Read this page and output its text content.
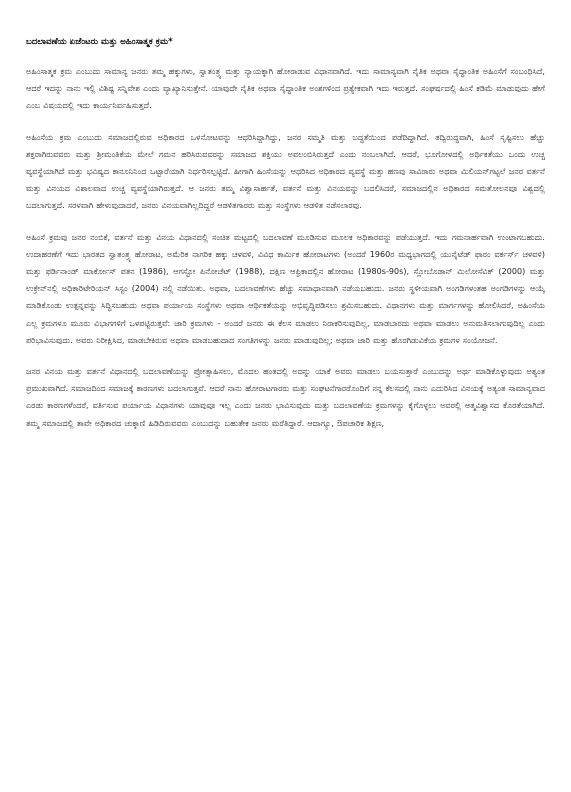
ಬದಲಾವಣೆಯ ಏಜೆಂಟರು ಮತ್ತು ಅಹಿಂಸಾತ್ಮಕ ಕ್ರಮ*

ಅಹಿಂಸಾತ್ಮಕ ಕ್ರಮ ಎಂಬುದು ಸಾಮಾನ್ಯ ಜನರು ತಮ್ಮ ಹಕ್ಕುಗಳು, ಸ್ವಾತಂತ್ರ್ಯ ಮತ್ತು ನ್ಯಾಯಕ್ಕಾಗಿ ಹೋರಾಡುವ ವಿಧಾನವಾಗಿದೆ. ಇದು ಸಾಮಾನ್ಯವಾಗಿ ನೈತಿಕ ಅಥವಾ ಸೈದ್ಧಾಂತಿಕ ಅಹಿಂಸೆಗೆ ಸಂಬಂಧಿಸಿದೆ, ಆದರೆ ಇದನ್ನು ನಾನು ಇಲ್ಲಿ ವಿಶಿಷ್ಟ ಸನ್ನಿವೇಶ ಎಂದು ವ್ಯಾಖ್ಯಾನಿಸುತ್ತೇನೆ. ಯಾವುದೇ ನೈತಿಕ ಅಥವಾ ಸೈದ್ಧಾಂತಿಕ ಅಂಶಗಳಿಂದ ಪ್ರತ್ಯೇಕವಾಗಿ ಇದು ಇರುತ್ತದೆ. ಸಂಘರ್ಷದಲ್ಲಿ ಹಿಂಸೆ ಕಡಿಮೆ ಮಾಡುವುದು ಹೇಗೆ ಎಂಬ ವಿಷಯದಲ್ಲಿ ಇದು ಕಾರ್ಯನಿರ್ವಹಿಸುತ್ತದೆ.

ಅಹಿಂಸೆಯ ಕ್ರಮ ಎಂಬುದು ಸಮಾಜದಲ್ಲಿರುವ ಅಧಿಕಾರದ ಒಳನೋಟವನ್ನು ಆಧರಿಸಿದ್ದಾಗಿದ್ದು, ಜನರ ಸಮ್ಮತಿ ಮತ್ತು ಬದ್ಧತೆಯಿಂದ ಪಡೆದಿದ್ದಾಗಿದೆ. ತದ್ವಿರುದ್ಧವಾಗಿ, ಹಿಂಸೆ ಸೃಷ್ಟಿಸಲು ಹೆಚ್ಚು ಶಕ್ತರಾಗಿರುವವರು ಮತ್ತು ಶ್ರೀಮಂತಿಕೆಯ ಮೇಲೆ ಗಮನ ಹರಿಸಿರುವವರನ್ನು ಸಮಾಜದ ಶಕ್ತಿಯು ಅವಲಂಬಿಸಿರುತ್ತದೆ ಎಂದು ನಂಬಲಾಗಿದೆ. ಆದರೆ, ಭೂಗೋಳದಲ್ಲಿ ಅರ್ಥಿಕತೆಯು ಒಂದು ಉಚ್ಚ ವ್ಯವಸ್ಥೆಯಾಗಿದೆ ಮತ್ತು ಭವಿಷ್ಯದ ಕಾನೂನಿನಿಂದ ಒಟ್ಟಾರೆಯಾಗಿ ನಿರ್ಧರಿಸಲ್ಪಟ್ಟಿದೆ. ಹೀಗಾಗಿ ಹಿಂಸೆಯನ್ನು ಆಧರಿಸಿದ ಅಧಿಕಾರದ ವ್ಯವಸ್ಥೆ ಮತ್ತು ಹಣವು ಸಾವಿರಾರು ಅಥವಾ ಮಿಲಿಯನ್‌ಗಟ್ಟಲೆ ಜನರ ವರ್ತನೆ ಮತ್ತು ವಿನಯದ ವಿಶಾಲವಾದ ಉಚ್ಚ ವ್ಯವಸ್ಥೆಯಾಗಿರುತ್ತದೆ. ಆ ಜನರು ತಮ್ಮ ವಿಶ್ವಾಸಾರ್ಹತೆ, ವರ್ತನೆ ಮತ್ತು ವಿನಯವನ್ನು ಬದಲಿಸಿದರೆ, ಸಮಾಜದಲ್ಲಿನ ಅಧಿಕಾರದ ಸಮತೋಲನವೂ ವಿಶ್ವದಲ್ಲಿ ಬದಲಾಗುತ್ತದೆ. ಸರಳವಾಗಿ ಹೇಳುವುದಾದರೆ, ಜನರು ವಿನಯವಾಗಿಲ್ಲದಿದ್ದರೆ ಆಡಳಿತಗಾರರು ಮತ್ತು ಸಂಸ್ಥೆಗಳು ಆಡಳಿತ ನಡೆಸಲಾರವು.

ಅಹಿಂಸೆ ಕ್ರಮವು ಜನರ ನಂಬಿಕೆ, ವರ್ತನೆ ಮತ್ತು ವಿನಯ ವಿಧಾನದಲ್ಲಿ ಸಂಚಿತ ಮಟ್ಟದಲ್ಲಿ ಬದಲಾವಣೆ ಮೂಡಿಸುವ ಮೂಲಕ ಅಧಿಕಾರವನ್ನು ಪಡೆಯುತ್ತದೆ. ಇದು ಗಮನಾರ್ಹವಾಗಿ ಉಂಟಾಗಬಹುದು. ಉದಾಹರಣೆಗೆ ಇದು ಭಾರತದ ಸ್ವಾತಂತ್ರ್ಯ ಹೋರಾಟ, ಅಮೆರಿಕ ನಾಗರಿಕ ಹಕ್ಕು ಚಳವಳಿ, ವಿವಿಧ ಕಾರ್ಮಿಕ ಹೋರಾಟಗಳು (ಅಂದರೆ 1960ರ ಮಧ್ಯಭಾಗದಲ್ಲಿ ಯುನೈಟೆಡ್ ಫಾರಂ ವರ್ಕರ್ಸ್ ಚಳವಳಿ) ಮತ್ತು ಫರ್ಡಿನಾಂಡ್ ಮಾರ್ಕೋಸ್ ಪತನ (1986), ಆಗಸ್ಟೋ ಪಿನೋಚೆಟ್ (1988), ದಕ್ಷಿಣ ಆಫ್ರಿಕಾದಲ್ಲಿನ ಹೋರಾಟ (1980s-90s), ಸ್ಲೋಬೊಡಾನ್ ಮಿಲೋಸೆವಿಕ್ (2000) ಮತ್ತು ಉಕ್ರೇನ್‌ನಲ್ಲಿ ಅಧಿಕಾರಿಟೇರಿಯನ್ ಸಿಸ್ಟಂ (2004) ನಲ್ಲಿ ನಡೆಯಿತು. ಅಥವಾ, ಬದಲಾವಣೆಗಳು ಹೆಚ್ಚು ಸಮಾಧಾನವಾಗಿ ನಡೆಯಬಹುದು. ಜನರು ಸ್ಥಳೀಯವಾಗಿ ಅಂಗಡಿಗಳಂತಹ ಅಂಗಡಿಗಳನ್ನು ಆಯ್ಕೆ ಮಾಡಿಕೊಂಡು ಉತ್ಪನ್ನವನ್ನು ಸಿದ್ಧಿಸಬಹುದು ಅಥವಾ ಪರ್ಯಾಯ ಸಂಸ್ಥೆಗಳು ಅಥವಾ ಆರ್ಥಿಕತೆಯನ್ನು ಅಭಿವೃದ್ಧಿಪಡಿಸಲು ಶ್ರಮಿಸಬಹುದು. ವಿಧಾನಗಳು ಮತ್ತು ಮಾರ್ಗಗಳನ್ನು ಹೋಲಿಸಿದರೆ, ಅಹಿಂಸೆಯ ಎಲ್ಲ ಕ್ರಮಗಳೂ ಮೂರು ವಿಭಾಗಗಳಿಗೆ ಒಳಪಟ್ಟಿರುತ್ತವೆ: ಜಾರಿ ಕ್ರಮಗಳು - ಅಂದರೆ ಜನರು ಈ ಕೆಲಸ ಮಾಡಲು ನಿರಾಕರಿಸುವುದಿಲ್ಲ, ಮಾಡಬಾರದು ಅಥವಾ ಮಾಡಲು ಅನುಮತಿಸಲಾಗುವುದಿಲ್ಲ ಎಂದು ಪರಿಭಾವಿಸುವುದು. ಅವರು ನಿರೀಕ್ಷಿಸಿದ, ಮಾಡಬೇಕಿರುವ ಅಥವಾ ಮಾಡಬಹುದಾದ ಸಂಗತಿಗಳನ್ನು ಜನರು ಮಾಡುವುದಿಲ್ಲ; ಅಥವಾ ಜಾರಿ ಮತ್ತು ಹೊರಗಿಡುವಿಕೆಯ ಕ್ರಮಗಳ ಸಂಯೋಜನೆ.

ಜನರ ವಿನಯ ಮತ್ತು ವರ್ತನೆ ವಿಧಾನದಲ್ಲಿ ಬದಲಾವಣೆಯನ್ನು ಪ್ರೋತ್ಸಾಹಿಸಲು, ಮೊದಲ ಹಂತದಲ್ಲಿ ಅದನ್ನು ಯಾಕೆ ಅವರು ಮಾಡಲು ಬಯಸುತ್ತಾರೆ ಎಂಬುದನ್ನು ಅರ್ಥ ಮಾಡಿಕೊಳ್ಳುವುದು ಅತ್ಯಂತ ಪ್ರಮುಖವಾಗಿದೆ. ಸಮಾಜದಿಂದ ಸಮಾಜಕ್ಕೆ ಕಾರಣಗಳು ಬದಲಾಗುತ್ತವೆ. ಆದರೆ ನಾನು ಹೋರಾಟಗಾರರು ಮತ್ತು ಸಂಘಟನೆಗಾರರೊಂದಿಗೆ ನನ್ನ ಕೆಲಸದಲ್ಲಿ ನಾನು ಎದುರಿಸಿದ ವಿನಯಕ್ಕೆ ಅತ್ಯಂತ ಸಾಮಾನ್ಯವಾದ ಎರಡು ಕಾರಣಗಳೆಂದರೆ, ವರ್ತಿಸುವ ಪರ್ಯಾಯ ವಿಧಾನಗಳು ಯಾವುವೂ ಇಲ್ಲ ಎಂದು ಜನರು ಭಾವಿಸುವುದು ಮತ್ತು ಬದಲಾವಣೆಯ ಕ್ರಮಗಳನ್ನು ಕೈಗೊಳ್ಳಲು ಅವರಲ್ಲಿ ಆತ್ಮವಿಶ್ವಾಸದ ಕೊರತೆಯಾಗಿದೆ. ತಮ್ಮ ಸಮಾಜದಲ್ಲಿ ತಾವೇ ಅಧಿಕಾರದ ಚುಕ್ಕಾಣಿ ಹಿಡಿದಿರುವವರು ಎಂಬುದನ್ನು ಬಹುತೇಕ ಜನರು ಮರೆತಿದ್ದಾರೆ. ಆದಾಗ್ಯೂ, ಔಪಚಾರಿಕ ಶಿಕ್ಷಣ,
